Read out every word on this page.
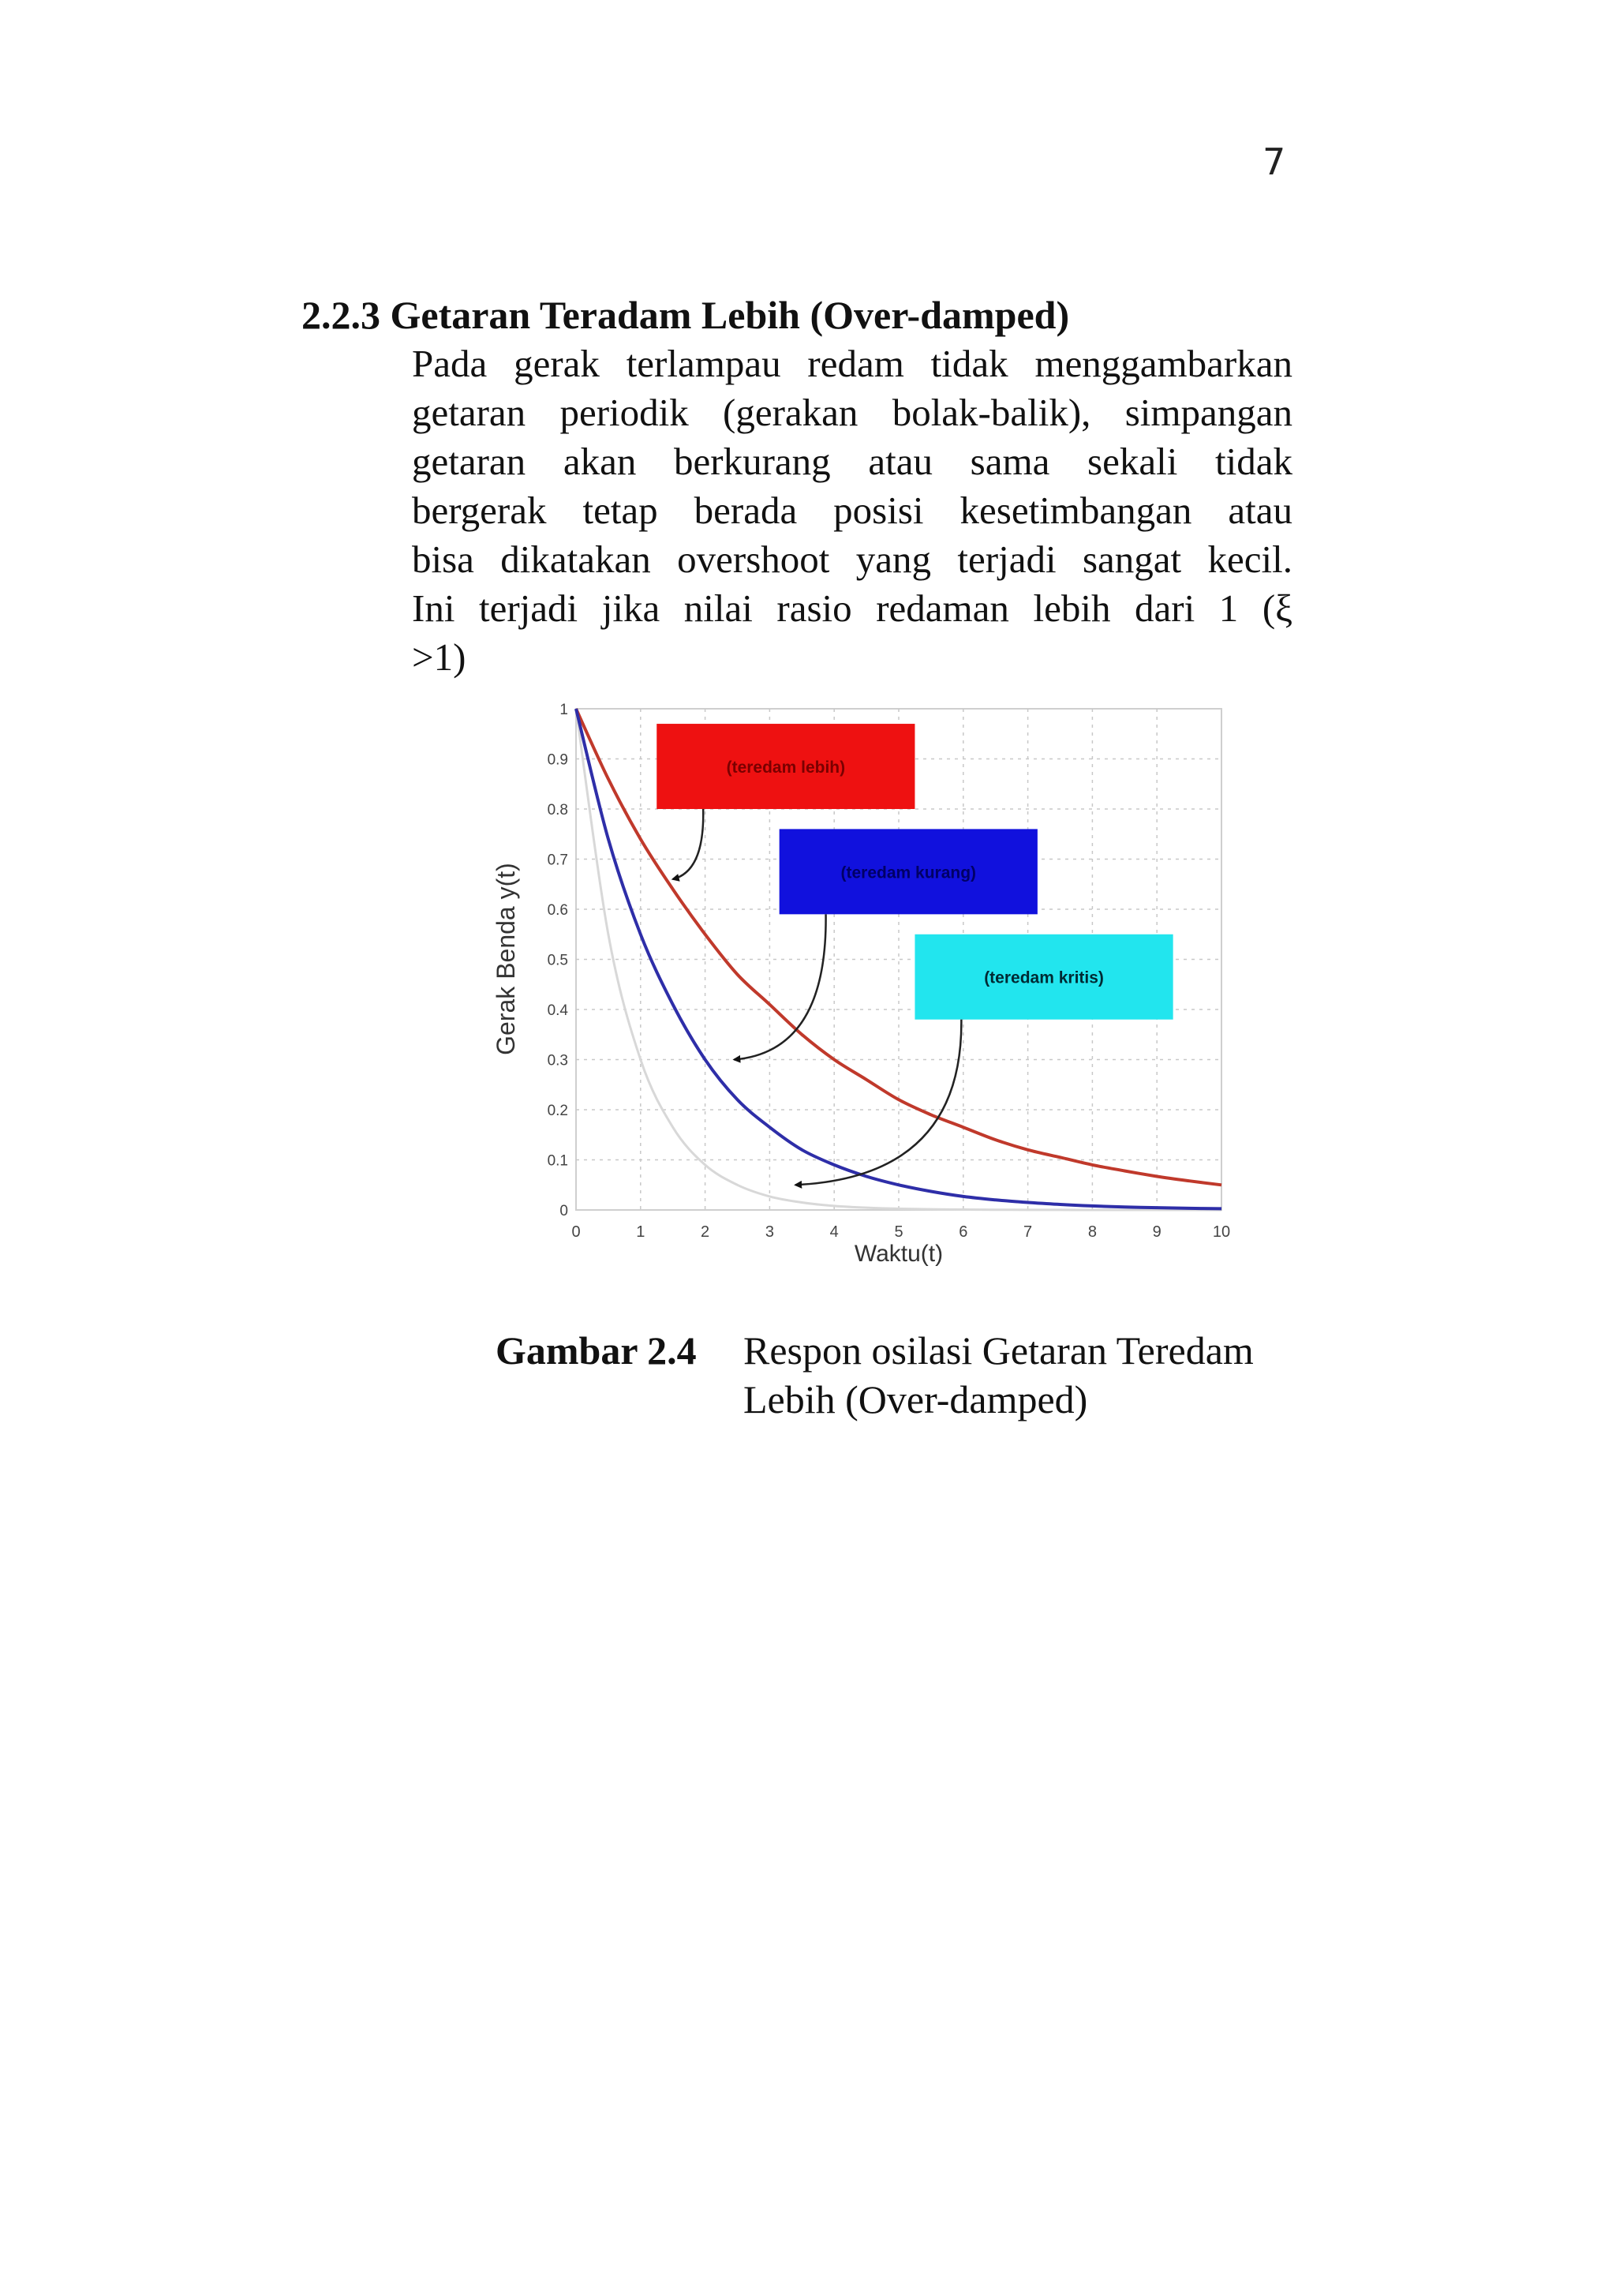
7
2.2.3 Getaran Teradam Lebih (Over-damped)
Pada gerak terlampau redam tidak menggambarkan
getaran periodik (gerakan bolak-balik), simpangan
getaran akan berkurang atau sama sekali tidak
bergerak tetap berada posisi kesetimbangan atau
bisa dikatakan overshoot yang terjadi sangat kecil.
Ini terjadi jika nilai rasio redaman lebih dari 1 (ξ
>1)
(teredam lebih)
(teredam kurang)
(teredam kritis)
0	1	2	3	4	5	6	7	8	9	10
0
0.1
0.2
0.3
0.4
0.5
0.6
0.7
0.8
0.9
1
Waktu(t)
Gerak Benda y(t)
Gambar 2.4	Respon osilasi Getaran Teredam
Lebih (Over-damped)
